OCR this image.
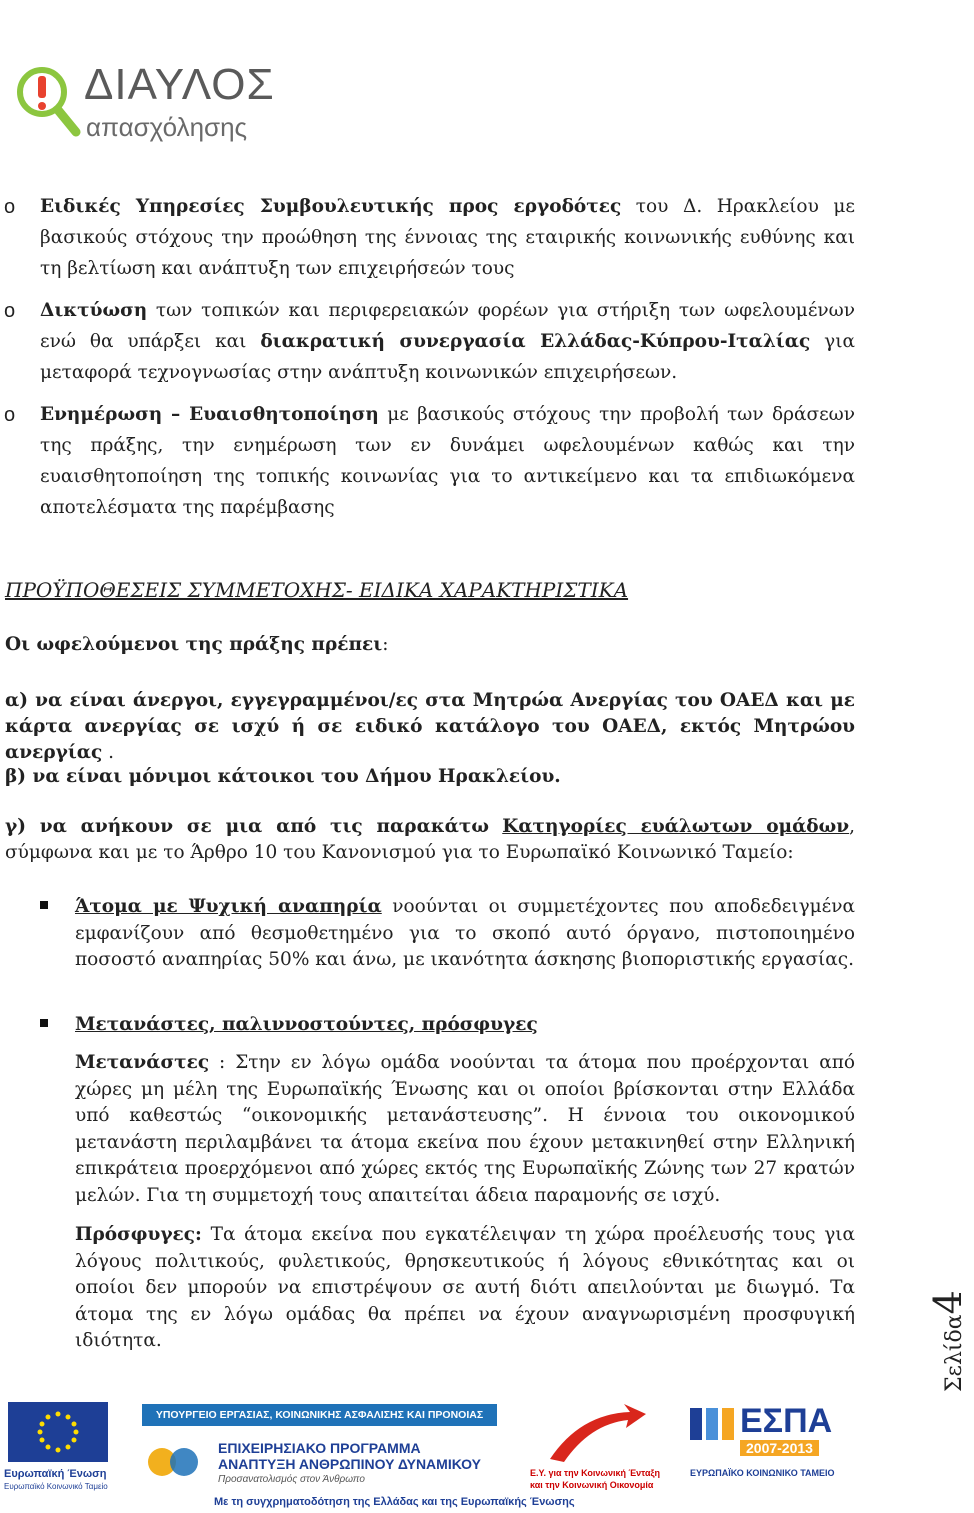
ΔΙΑΥΛΟΣ
απασχόλησης
Σελίδα4
o Ειδικές Υπηρεσίες Συμβουλευτικής προς εργοδότες του Δ. Ηρακλείου με βασικούς στόχους την προώθηση της έννοιας της εταιρικής κοινωνικής ευθύνης και τη βελτίωση και ανάπτυξη των επιχειρήσεών τους
o Δικτύωση των τοπικών και περιφερειακών φορέων για στήριξη των ωφελουμένων ενώ θα υπάρξει και διακρατική συνεργασία Ελλάδας-Κύπρου-Ιταλίας για μεταφορά τεχνογνωσίας στην ανάπτυξη κοινωνικών επιχειρήσεων.
o Ενημέρωση – Ευαισθητοποίηση με βασικούς στόχους την προβολή των δράσεων της πράξης, την ενημέρωση των εν δυνάμει ωφελουμένων καθώς και την ευαισθητοποίηση της τοπικής κοινωνίας για το αντικείμενο και τα επιδιωκόμενα αποτελέσματα της παρέμβασης
ΠΡΟΫΠΟΘΕΣΕΙΣ ΣΥΜΜΕΤΟΧΗΣ- ΕΙΔΙΚΑ ΧΑΡΑΚΤΗΡΙΣΤΙΚΑ
Οι ωφελούμενοι της πράξης πρέπει:
α) να είναι άνεργοι, εγγεγραμμένοι/ες στα Μητρώα Ανεργίας του ΟΑΕΔ και με κάρτα ανεργίας σε ισχύ ή σε ειδικό κατάλογο του ΟΑΕΔ, εκτός Μητρώου ανεργίας .
β) να είναι μόνιμοι κάτοικοι του Δήμου Ηρακλείου.
γ) να ανήκουν σε μια από τις παρακάτω Κατηγορίες ευάλωτων ομάδων, σύμφωνα και με το Άρθρο 10 του Κανονισμού για το Ευρωπαϊκό Κοινωνικό Ταμείο:
Άτομα με Ψυχική αναπηρία νοούνται οι συμμετέχοντες που αποδεδειγμένα εμφανίζουν από θεσμοθετημένο για το σκοπό αυτό όργανο, πιστοποιημένο ποσοστό αναπηρίας 50% και άνω, με ικανότητα άσκησης βιοποριστικής εργασίας.
Μετανάστες, παλιννοστούντες, πρόσφυγες
Μετανάστες : Στην εν λόγω ομάδα νοούνται τα άτομα που προέρχονται από χώρες μη μέλη της Ευρωπαϊκής Ένωσης και οι οποίοι βρίσκονται στην Ελλάδα υπό καθεστώς “οικονομικής μετανάστευσης”. Η έννοια του οικονομικού μετανάστη περιλαμβάνει τα άτομα εκείνα που έχουν μετακινηθεί στην Ελληνική επικράτεια προερχόμενοι από χώρες εκτός της Ευρωπαϊκής Ζώνης των 27 κρατών μελών. Για τη συμμετοχή τους απαιτείται άδεια παραμονής σε ισχύ.
Πρόσφυγες: Τα άτομα εκείνα που εγκατέλειψαν τη χώρα προέλευσής τους για λόγους πολιτικούς, φυλετικούς, θρησκευτικούς ή λόγους εθνικότητας και οι οποίοι δεν μπορούν να επιστρέψουν σε αυτή διότι απειλούνται με διωγμό. Τα άτομα της εν λόγω ομάδας θα πρέπει να έχουν αναγνωρισμένη προσφυγική ιδιότητα.
Ευρωπαϊκή Ένωση
Ευρωπαϊκό Κοινωνικό Ταμείο
ΥΠΟΥΡΓΕΙΟ ΕΡΓΑΣΙΑΣ, ΚΟΙΝΩΝΙΚΗΣ ΑΣΦΑΛΙΣΗΣ ΚΑΙ ΠΡΟΝΟΙΑΣ
ΕΠΙΧΕΙΡΗΣΙΑΚΟ ΠΡΟΓΡΑΜΜΑ
ΑΝΑΠΤΥΞΗ ΑΝΘΡΩΠΙΝΟΥ ΔΥΝΑΜΙΚΟΥ
Προσανατολισμός στον Άνθρωπο
Με τη συγχρηματοδότηση της Ελλάδας και της Ευρωπαϊκής Ένωσης
Ε.Υ. για την Κοινωνική Ένταξη
και την Κοινωνική Οικονομία
ΕΣΠΑ
2007-2013
ΕΥΡΩΠΑΪΚΟ ΚΟΙΝΩΝΙΚΟ ΤΑΜΕΙΟ
